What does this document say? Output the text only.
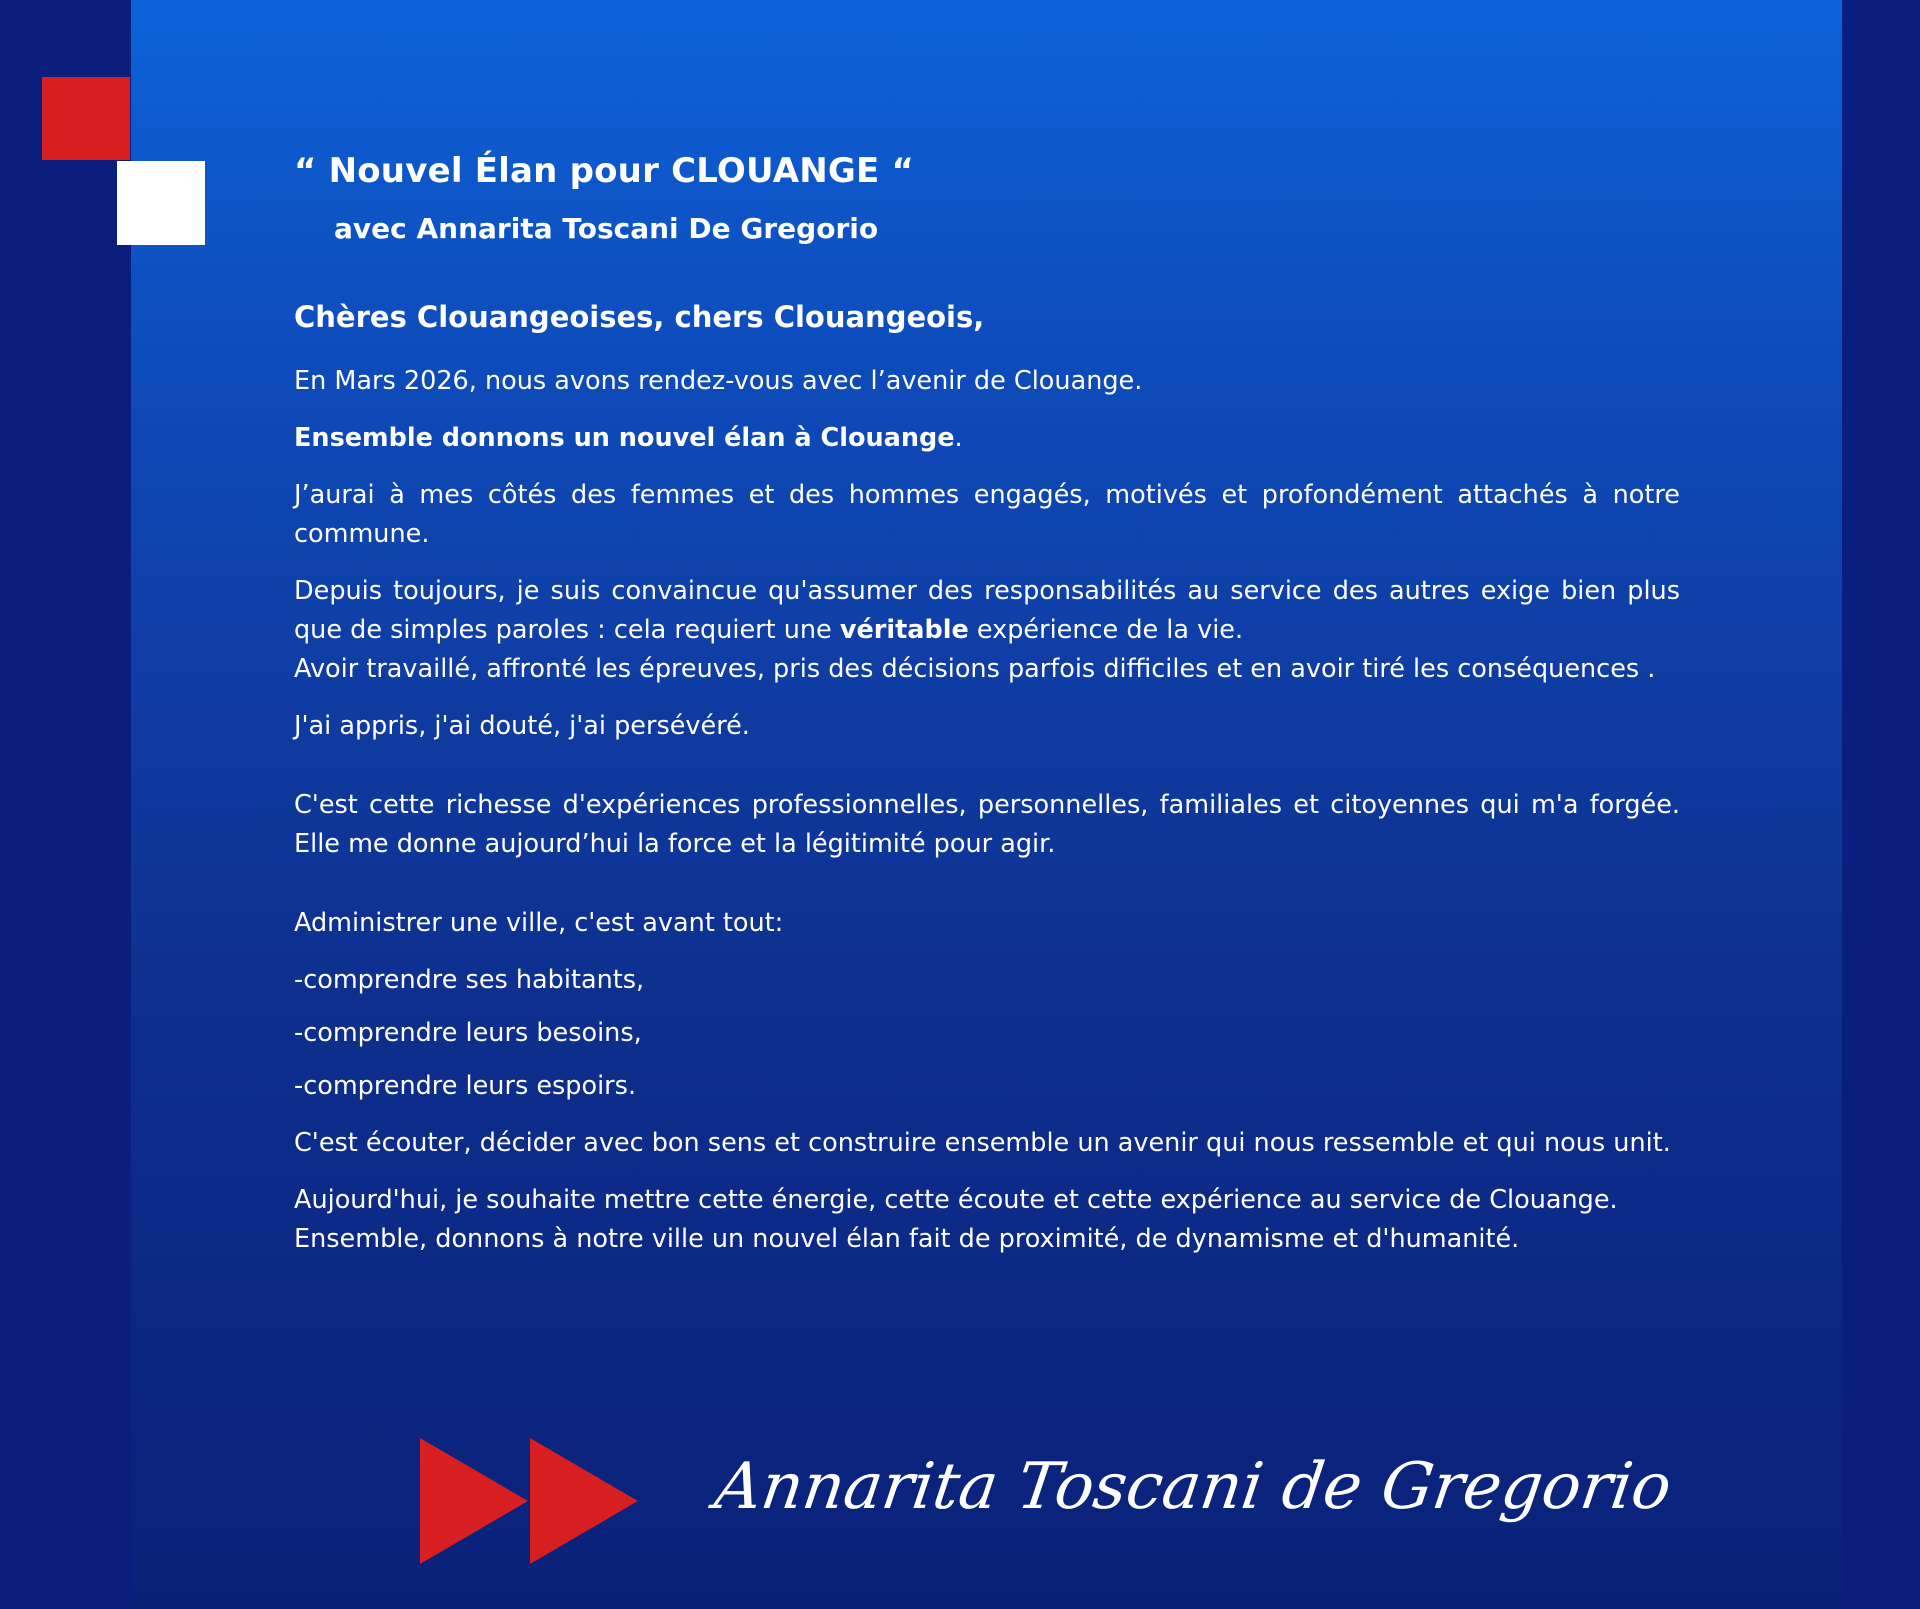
“ Nouvel Élan pour CLOUANGE “
avec Annarita Toscani De Gregorio
Chères Clouangeoises, chers Clouangeois,

En Mars 2026, nous avons rendez-vous avec l’avenir de Clouange.

Ensemble donnons un nouvel élan à Clouange.

J’aurai à mes côtés des femmes et des hommes engagés, motivés et profondément attachés à notre commune.

Depuis toujours, je suis convaincue qu'assumer des responsabilités au service des autres exige bien plus que de simples paroles : cela requiert une véritable expérience de la vie.

Avoir travaillé, affronté les épreuves, pris des décisions parfois difficiles et en avoir tiré les conséquences .

J'ai appris, j'ai douté, j'ai persévéré.

C'est cette richesse d'expériences professionnelles, personnelles, familiales et citoyennes qui m'a forgée. Elle me donne aujourd’hui la force et la légitimité pour agir.

Administrer une ville, c'est avant tout:

-comprendre ses habitants,

-comprendre leurs besoins,

-comprendre leurs espoirs.

C'est écouter, décider avec bon sens et construire ensemble un avenir qui nous ressemble et qui nous unit.

Aujourd'hui, je souhaite mettre cette énergie, cette écoute et cette expérience au service de Clouange.

Ensemble, donnons à notre ville un nouvel élan fait de proximité, de dynamisme et d'humanité.

Annarita Toscani de Gregorio
